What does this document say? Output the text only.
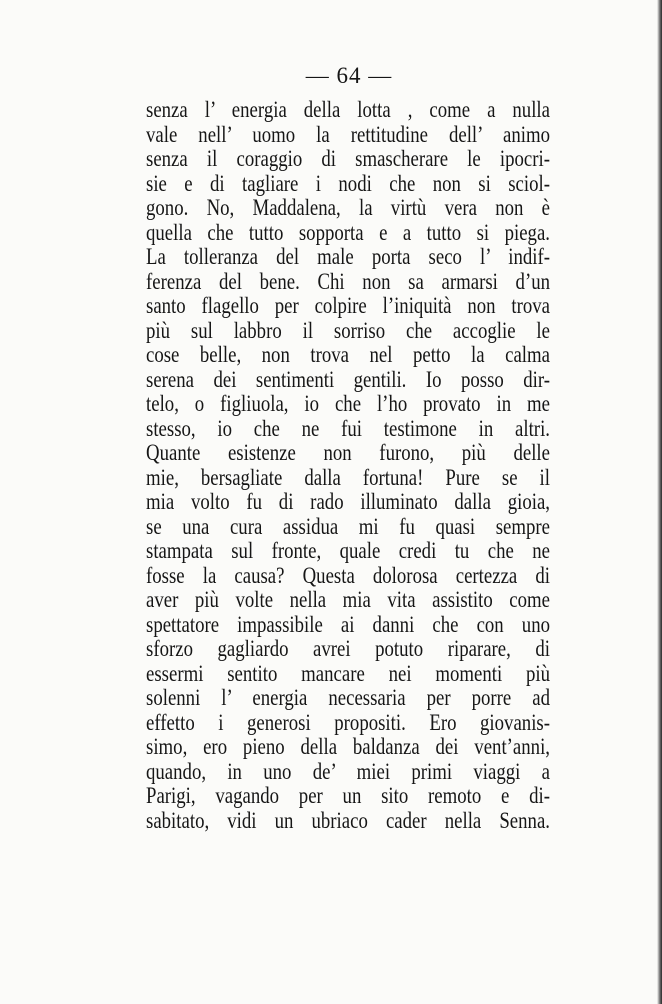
— 64 —
senza l’ energia della lotta , come a nulla
vale nell’ uomo la rettitudine dell’ animo
senza il coraggio di smascherare le ipocri-
sie e di tagliare i nodi che non si sciol-
gono. No, Maddalena, la virtù vera non è
quella che tutto sopporta e a tutto si piega.
La tolleranza del male porta seco l’ indif-
ferenza del bene. Chi non sa armarsi d’un
santo flagello per colpire l’iniquità non trova
più sul labbro il sorriso che accoglie le
cose belle, non trova nel petto la calma
serena dei sentimenti gentili. Io posso dir-
telo, o figliuola, io che l’ho provato in me
stesso, io che ne fui testimone in altri.
Quante esistenze non furono, più delle
mie, bersagliate dalla fortuna! Pure se il
mia volto fu di rado illuminato dalla gioia,
se una cura assidua mi fu quasi sempre
stampata sul fronte, quale credi tu che ne
fosse la causa? Questa dolorosa certezza di
aver più volte nella mia vita assistito come
spettatore impassibile ai danni che con uno
sforzo gagliardo avrei potuto riparare, di
essermi sentito mancare nei momenti più
solenni l’ energia necessaria per porre ad
effetto i generosi propositi. Ero giovanis-
simo, ero pieno della baldanza dei vent’anni,
quando, in uno de’ miei primi viaggi a
Parigi, vagando per un sito remoto e di-
sabitato, vidi un ubriaco cader nella Senna.
